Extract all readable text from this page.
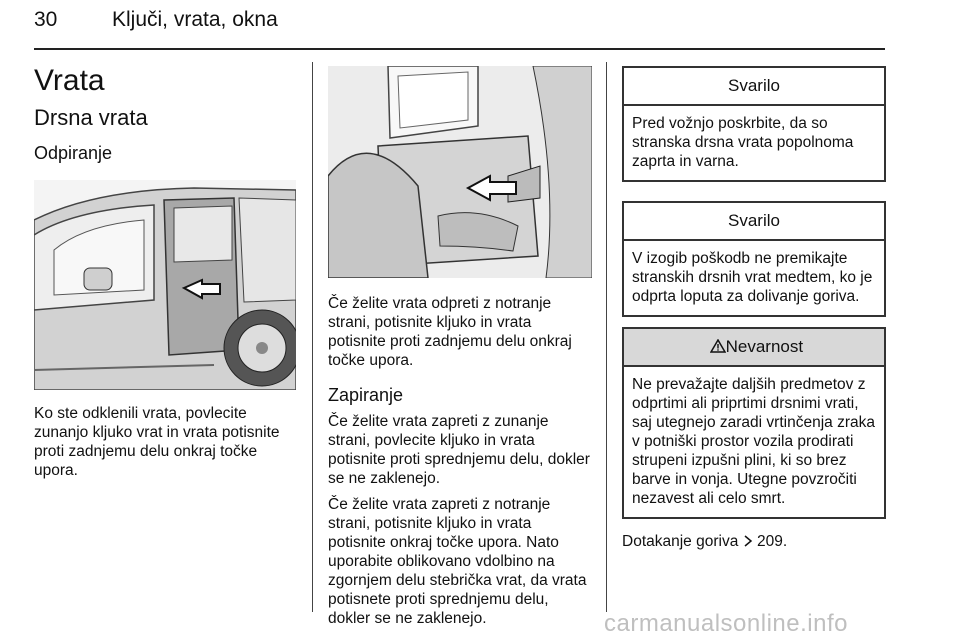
30	Ključi, vrata, okna
Vrata
Drsna vrata
Odpiranje

Ko ste odklenili vrata, povlecite zunanjo kljuko vrat in vrata potisnite proti zadnjemu delu onkraj točke upora.

Če želite vrata odpreti z notranje strani, potisnite kljuko in vrata potisnite proti zadnjemu delu onkraj točke upora.

Zapiranje

Če želite vrata zapreti z zunanje strani, povlecite kljuko in vrata potisnite proti sprednjemu delu, dokler se ne zaklenejo.

Če želite vrata zapreti z notranje strani, potisnite kljuko in vrata potisnite onkraj točke upora. Nato uporabite oblikovano vdolbino na zgornjem delu stebrička vrat, da vrata potisnete proti sprednjemu delu, dokler se ne zaklenejo.

Svarilo
Pred vožnjo poskrbite, da so stranska drsna vrata popolnoma zaprta in varna.
Svarilo
V izogib poškodb ne premikajte stranskih drsnih vrat medtem, ko je odprta loputa za dolivanje goriva.
Nevarnost
Ne prevažajte daljših predmetov z odprtimi ali priprtimi drsnimi vrati, saj utegnejo zaradi vrtinčenja zraka v potniški prostor vozila prodirati strupeni izpušni plini, ki so brez barve in vonja. Utegne povzročiti nezavest ali celo smrt.

Dotakanje goriva 209.

carmanualsonline.info
